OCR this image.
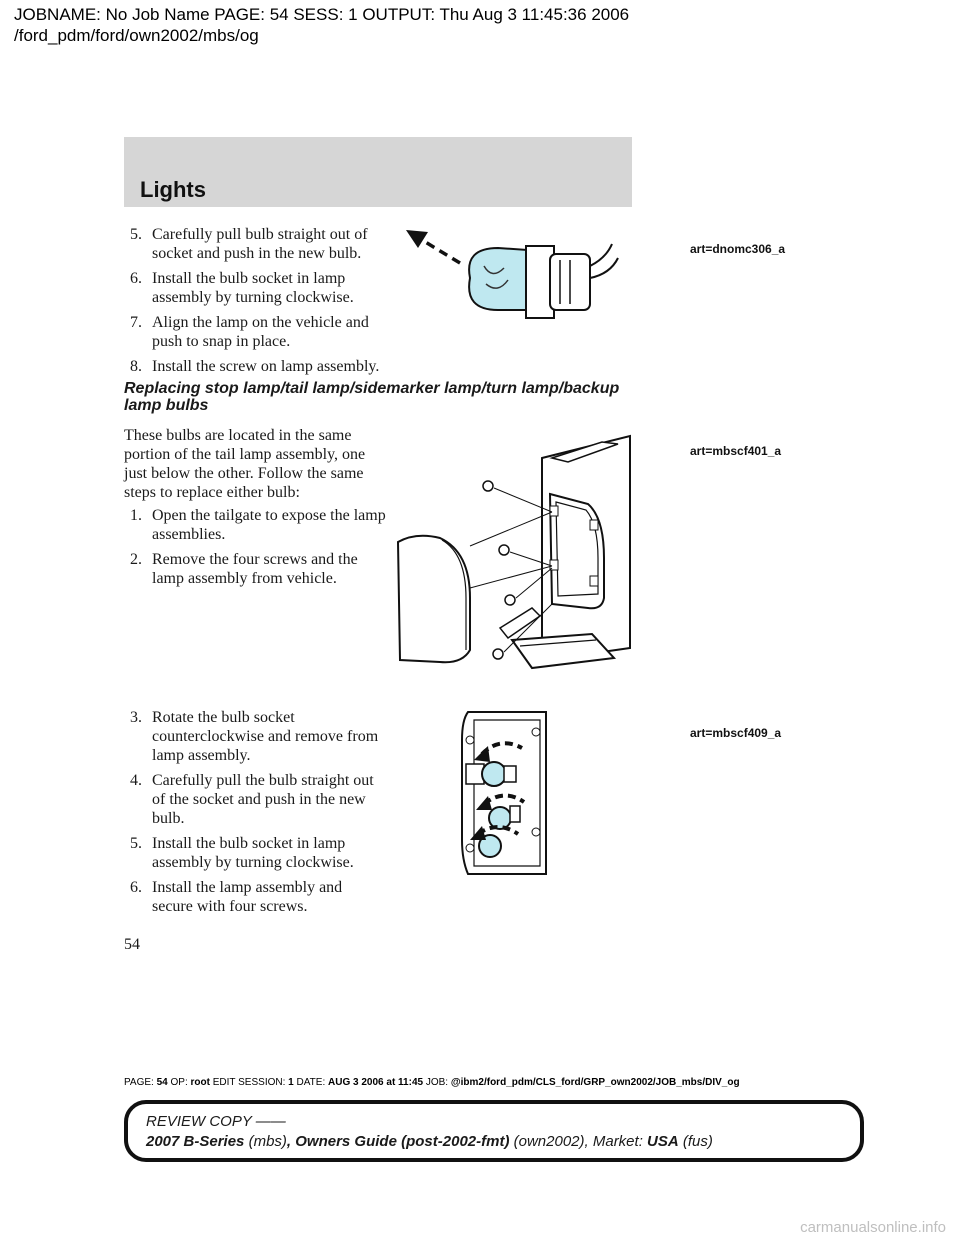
JOBNAME: No Job Name PAGE: 54 SESS: 1 OUTPUT: Thu Aug 3 11:45:36 2006
/ford_pdm/ford/own2002/mbs/og
Lights
5. Carefully pull bulb straight out of socket and push in the new bulb.
6. Install the bulb socket in lamp assembly by turning clockwise.
7. Align the lamp on the vehicle and push to snap in place.
8. Install the screw on lamp assembly.
art=dnomc306_a
Replacing stop lamp/tail lamp/sidemarker lamp/turn lamp/backup lamp bulbs

These bulbs are located in the same portion of the tail lamp assembly, one just below the other. Follow the same steps to replace either bulb:

1. Open the tailgate to expose the lamp assemblies.
2. Remove the four screws and the lamp assembly from vehicle.
art=mbscf401_a
3. Rotate the bulb socket counterclockwise and remove from lamp assembly.
4. Carefully pull the bulb straight out of the socket and push in the new bulb.
5. Install the bulb socket in lamp assembly by turning clockwise.
6. Install the lamp assembly and secure with four screws.
art=mbscf409_a
54
PAGE: 54 OP: root EDIT SESSION: 1 DATE: AUG 3 2006 at 11:45 JOB: @ibm2/ford_pdm/CLS_ford/GRP_own2002/JOB_mbs/DIV_og
REVIEW COPY ——
2007 B-Series (mbs), Owners Guide (post-2002-fmt) (own2002), Market: USA (fus)
carmanualsonline.info
